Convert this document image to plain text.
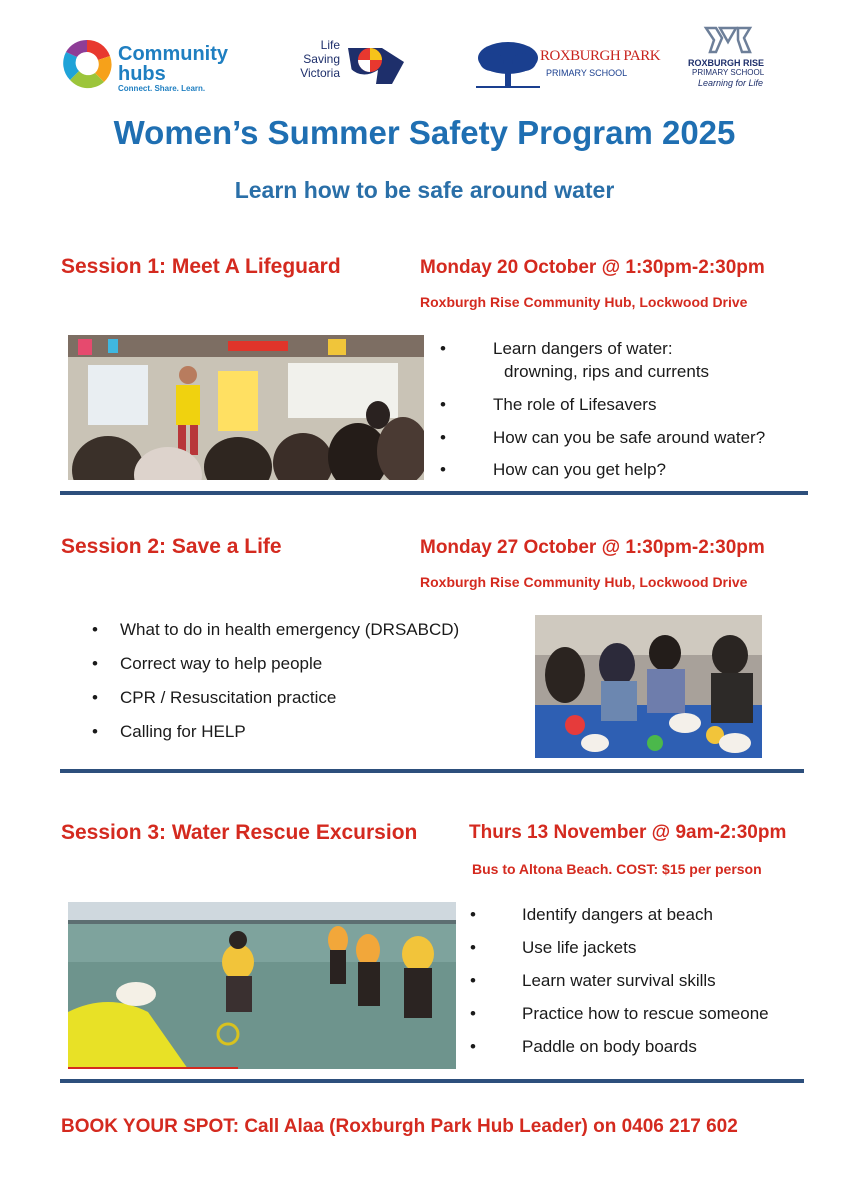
Community
hubs
Connect. Share. Learn.
Life
Saving
Victoria
ROXBURGH PARK
PRIMARY SCHOOL
ROXBURGH RISE
PRIMARY SCHOOL
Learning for Life
Women’s Summer Safety Program 2025
Learn how to be safe around water
Session 1: Meet A Lifeguard	Monday 20 October @ 1:30pm-2:30pm
Roxburgh Rise Community Hub, Lockwood Drive
•	Learn dangers of water:
drowning, rips and currents
•	The role of Lifesavers
•	How can you be safe around water?
•	How can you get help?
Session 2: Save a Life	Monday 27 October @ 1:30pm-2:30pm
Roxburgh Rise Community Hub, Lockwood Drive
• What to do in health emergency (DRSABCD)
• Correct way to help people
• CPR / Resuscitation practice
• Calling for HELP
Session 3: Water Rescue Excursion	Thurs 13 November @ 9am-2:30pm
Bus to Altona Beach. COST: $15 per person
•	Identify dangers at beach
•	Use life jackets
•	Learn water survival skills
•	Practice how to rescue someone
•	Paddle on body boards
BOOK YOUR SPOT: Call Alaa (Roxburgh Park Hub Leader) on 0406 217 602
